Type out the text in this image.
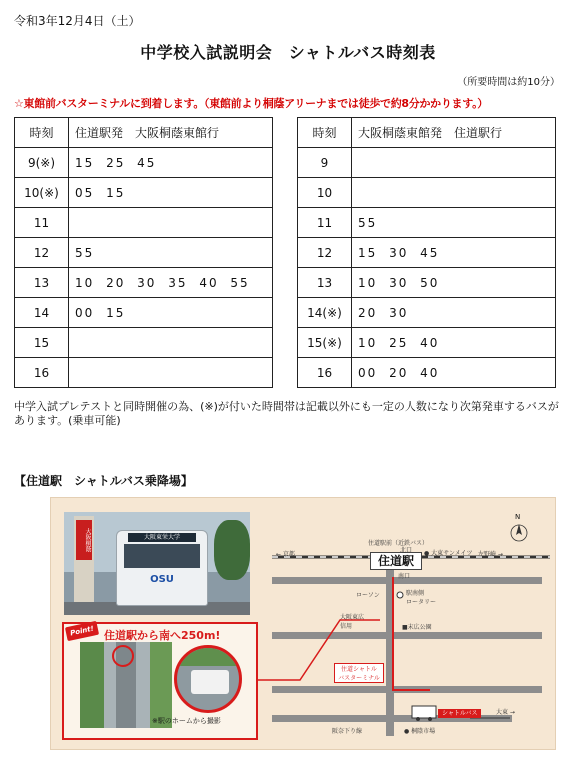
令和3年12月4日（土）
中学校入試説明会　シャトルバス時刻表
（所要時間は約10分）
☆東館前バスターミナルに到着します。（東館前より桐蔭アリーナまでは徒歩で約8分かかります。）
時刻	住道駅発　大阪桐蔭東館行
9(※)	15 25 45
10(※)	05 15
11	
12	55
13	10 20 30 35 40 55
14	00 15
15	
16	
時刻	大阪桐蔭東館発　住道駅行
9	
10	
11	55
12	15 30 45
13	10 30 50
14(※)	20 30
15(※)	10 25 40
16	00 20 40
中学入試プレテストと同時開催の為、(※)が付いた時間帯は記載以外にも一定の人数になり次第発車するバスがあります。(乗車可能)
【住道駅　シャトルバス乗降場】
大阪桐蔭	大阪東栄大学
OSU
Point! 住道駅から南へ250m!
※駅のホームから撮影
N
住道駅
← 京都
住道駅前（近鉄バス）
北口
南口
● 大東サンメイツ 左野崎 →
駅南側
ロータリー
ローソン
大阪東広
信用	■末広公園
住道シャトル
バスターミナル
シャトルバス	大東 →
阪奈下り線	● 桐陰市場
